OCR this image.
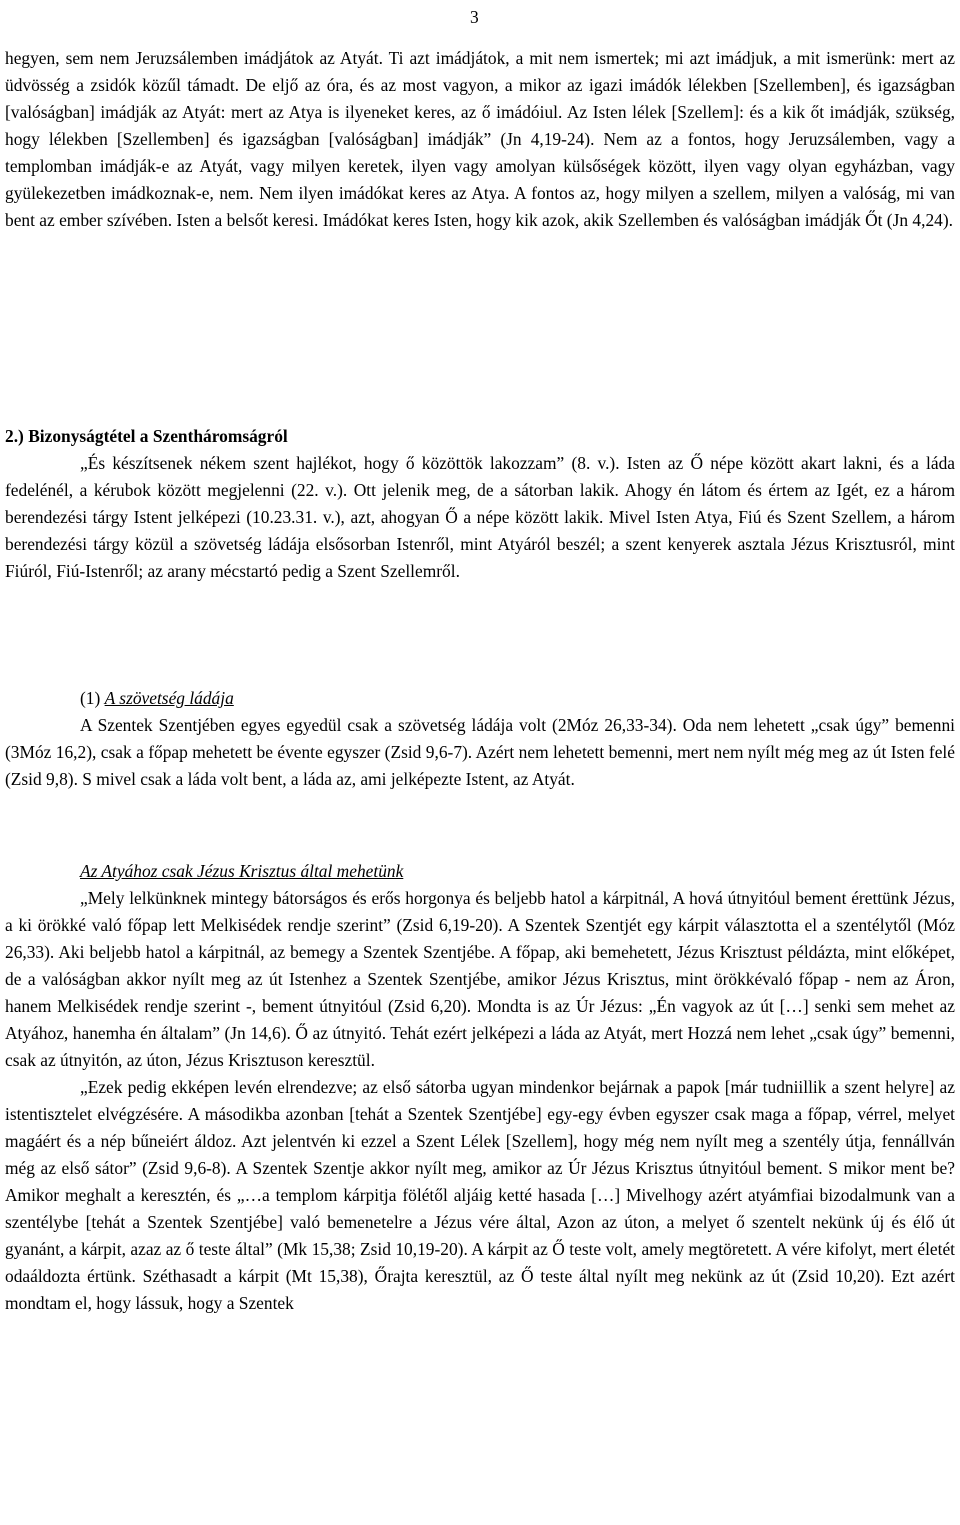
3

hegyen, sem nem Jeruzsálemben imádjátok az Atyát. Ti azt imádjátok, a mit nem ismertek; mi azt imádjuk, a mit ismerünk: mert az üdvösség a zsidók közűl támadt. De eljő az óra, és az most vagyon, a mikor az igazi imádók lélekben [Szellemben], és igazságban [valóságban] imádják az Atyát: mert az Atya is ilyeneket keres, az ő imádóiul. Az Isten lélek [Szellem]: és a kik őt imádják, szükség, hogy lélekben [Szellemben] és igazságban [valóságban] imádják” (Jn 4,19-24). Nem az a fontos, hogy Jeruzsálemben, vagy a templomban imádják-e az Atyát, vagy milyen keretek, ilyen vagy amolyan külsőségek között, ilyen vagy olyan egyházban, vagy gyülekezetben imádkoznak-e, nem. Nem ilyen imádókat keres az Atya. A fontos az, hogy milyen a szellem, milyen a valóság, mi van bent az ember szívében. Isten a belsőt keresi. Imádókat keres Isten, hogy kik azok, akik Szellemben és valóságban imádják Őt (Jn 4,24).

2.) Bizonyságtétel a Szentháromságról

„És készítsenek nékem szent hajlékot, hogy ő közöttök lakozzam” (8. v.). Isten az Ő népe között akart lakni, és a láda fedelénél, a kérubok között megjelenni (22. v.). Ott jelenik meg, de a sátorban lakik. Ahogy én látom és értem az Igét, ez a három berendezési tárgy Istent jelképezi (10.23.31. v.), azt, ahogyan Ő a népe között lakik. Mivel Isten Atya, Fiú és Szent Szellem, a három berendezési tárgy közül a szövetség ládája elsősorban Istenről, mint Atyáról beszél; a szent kenyerek asztala Jézus Krisztusról, mint Fiúról, Fiú-Istenről; az arany mécstartó pedig a Szent Szellemről.

(1) A szövetség ládája

A Szentek Szentjében egyes egyedül csak a szövetség ládája volt (2Móz 26,33-34). Oda nem lehetett „csak úgy” bemenni (3Móz 16,2), csak a főpap mehetett be évente egyszer (Zsid 9,6-7). Azért nem lehetett bemenni, mert nem nyílt még meg az út Isten felé (Zsid 9,8). S mivel csak a láda volt bent, a láda az, ami jelképezte Istent, az Atyát.

Az Atyához csak Jézus Krisztus által mehetünk

„Mely lelkünknek mintegy bátorságos és erős horgonya és beljebb hatol a kárpitnál, A hová útnyitóul bement érettünk Jézus, a ki örökké való főpap lett Melkisédek rendje szerint” (Zsid 6,19-20). A Szentek Szentjét egy kárpit választotta el a szentélytől (Móz 26,33). Aki beljebb hatol a kárpitnál, az bemegy a Szentek Szentjébe. A főpap, aki bemehetett, Jézus Krisztust példázta, mint előképet, de a valóságban akkor nyílt meg az út Istenhez a Szentek Szentjébe, amikor Jézus Krisztus, mint örökkévaló főpap - nem az Áron, hanem Melkisédek rendje szerint -, bement útnyitóul (Zsid 6,20). Mondta is az Úr Jézus: „Én vagyok az út […] senki sem mehet az Atyához, hanemha én általam” (Jn 14,6). Ő az útnyitó. Tehát ezért jelképezi a láda az Atyát, mert Hozzá nem lehet „csak úgy” bemenni, csak az útnyitón, az úton, Jézus Krisztuson keresztül.

„Ezek pedig ekképen levén elrendezve; az első sátorba ugyan mindenkor bejárnak a papok [már tudniillik a szent helyre] az istentisztelet elvégzésére. A másodikba azonban [tehát a Szentek Szentjébe] egy-egy évben egyszer csak maga a főpap, vérrel, melyet magáért és a nép bűneiért áldoz. Azt jelentvén ki ezzel a Szent Lélek [Szellem], hogy még nem nyílt meg a szentély útja, fennállván még az első sátor” (Zsid 9,6-8). A Szentek Szentje akkor nyílt meg, amikor az Úr Jézus Krisztus útnyitóul bement. S mikor ment be? Amikor meghalt a keresztén, és „…a templom kárpitja fölétől aljáig ketté hasada […] Mivelhogy azért atyámfiai bizodalmunk van a szentélybe [tehát a Szentek Szentjébe] való bemenetelre a Jézus vére által, Azon az úton, a melyet ő szentelt nekünk új és élő út gyanánt, a kárpit, azaz az ő teste által” (Mk 15,38; Zsid 10,19-20). A kárpit az Ő teste volt, amely megtöretett. A vére kifolyt, mert életét odaáldozta értünk. Széthasadt a kárpit (Mt 15,38), Őrajta keresztül, az Ő teste által nyílt meg nekünk az út (Zsid 10,20). Ezt azért mondtam el, hogy lássuk, hogy a Szentek
